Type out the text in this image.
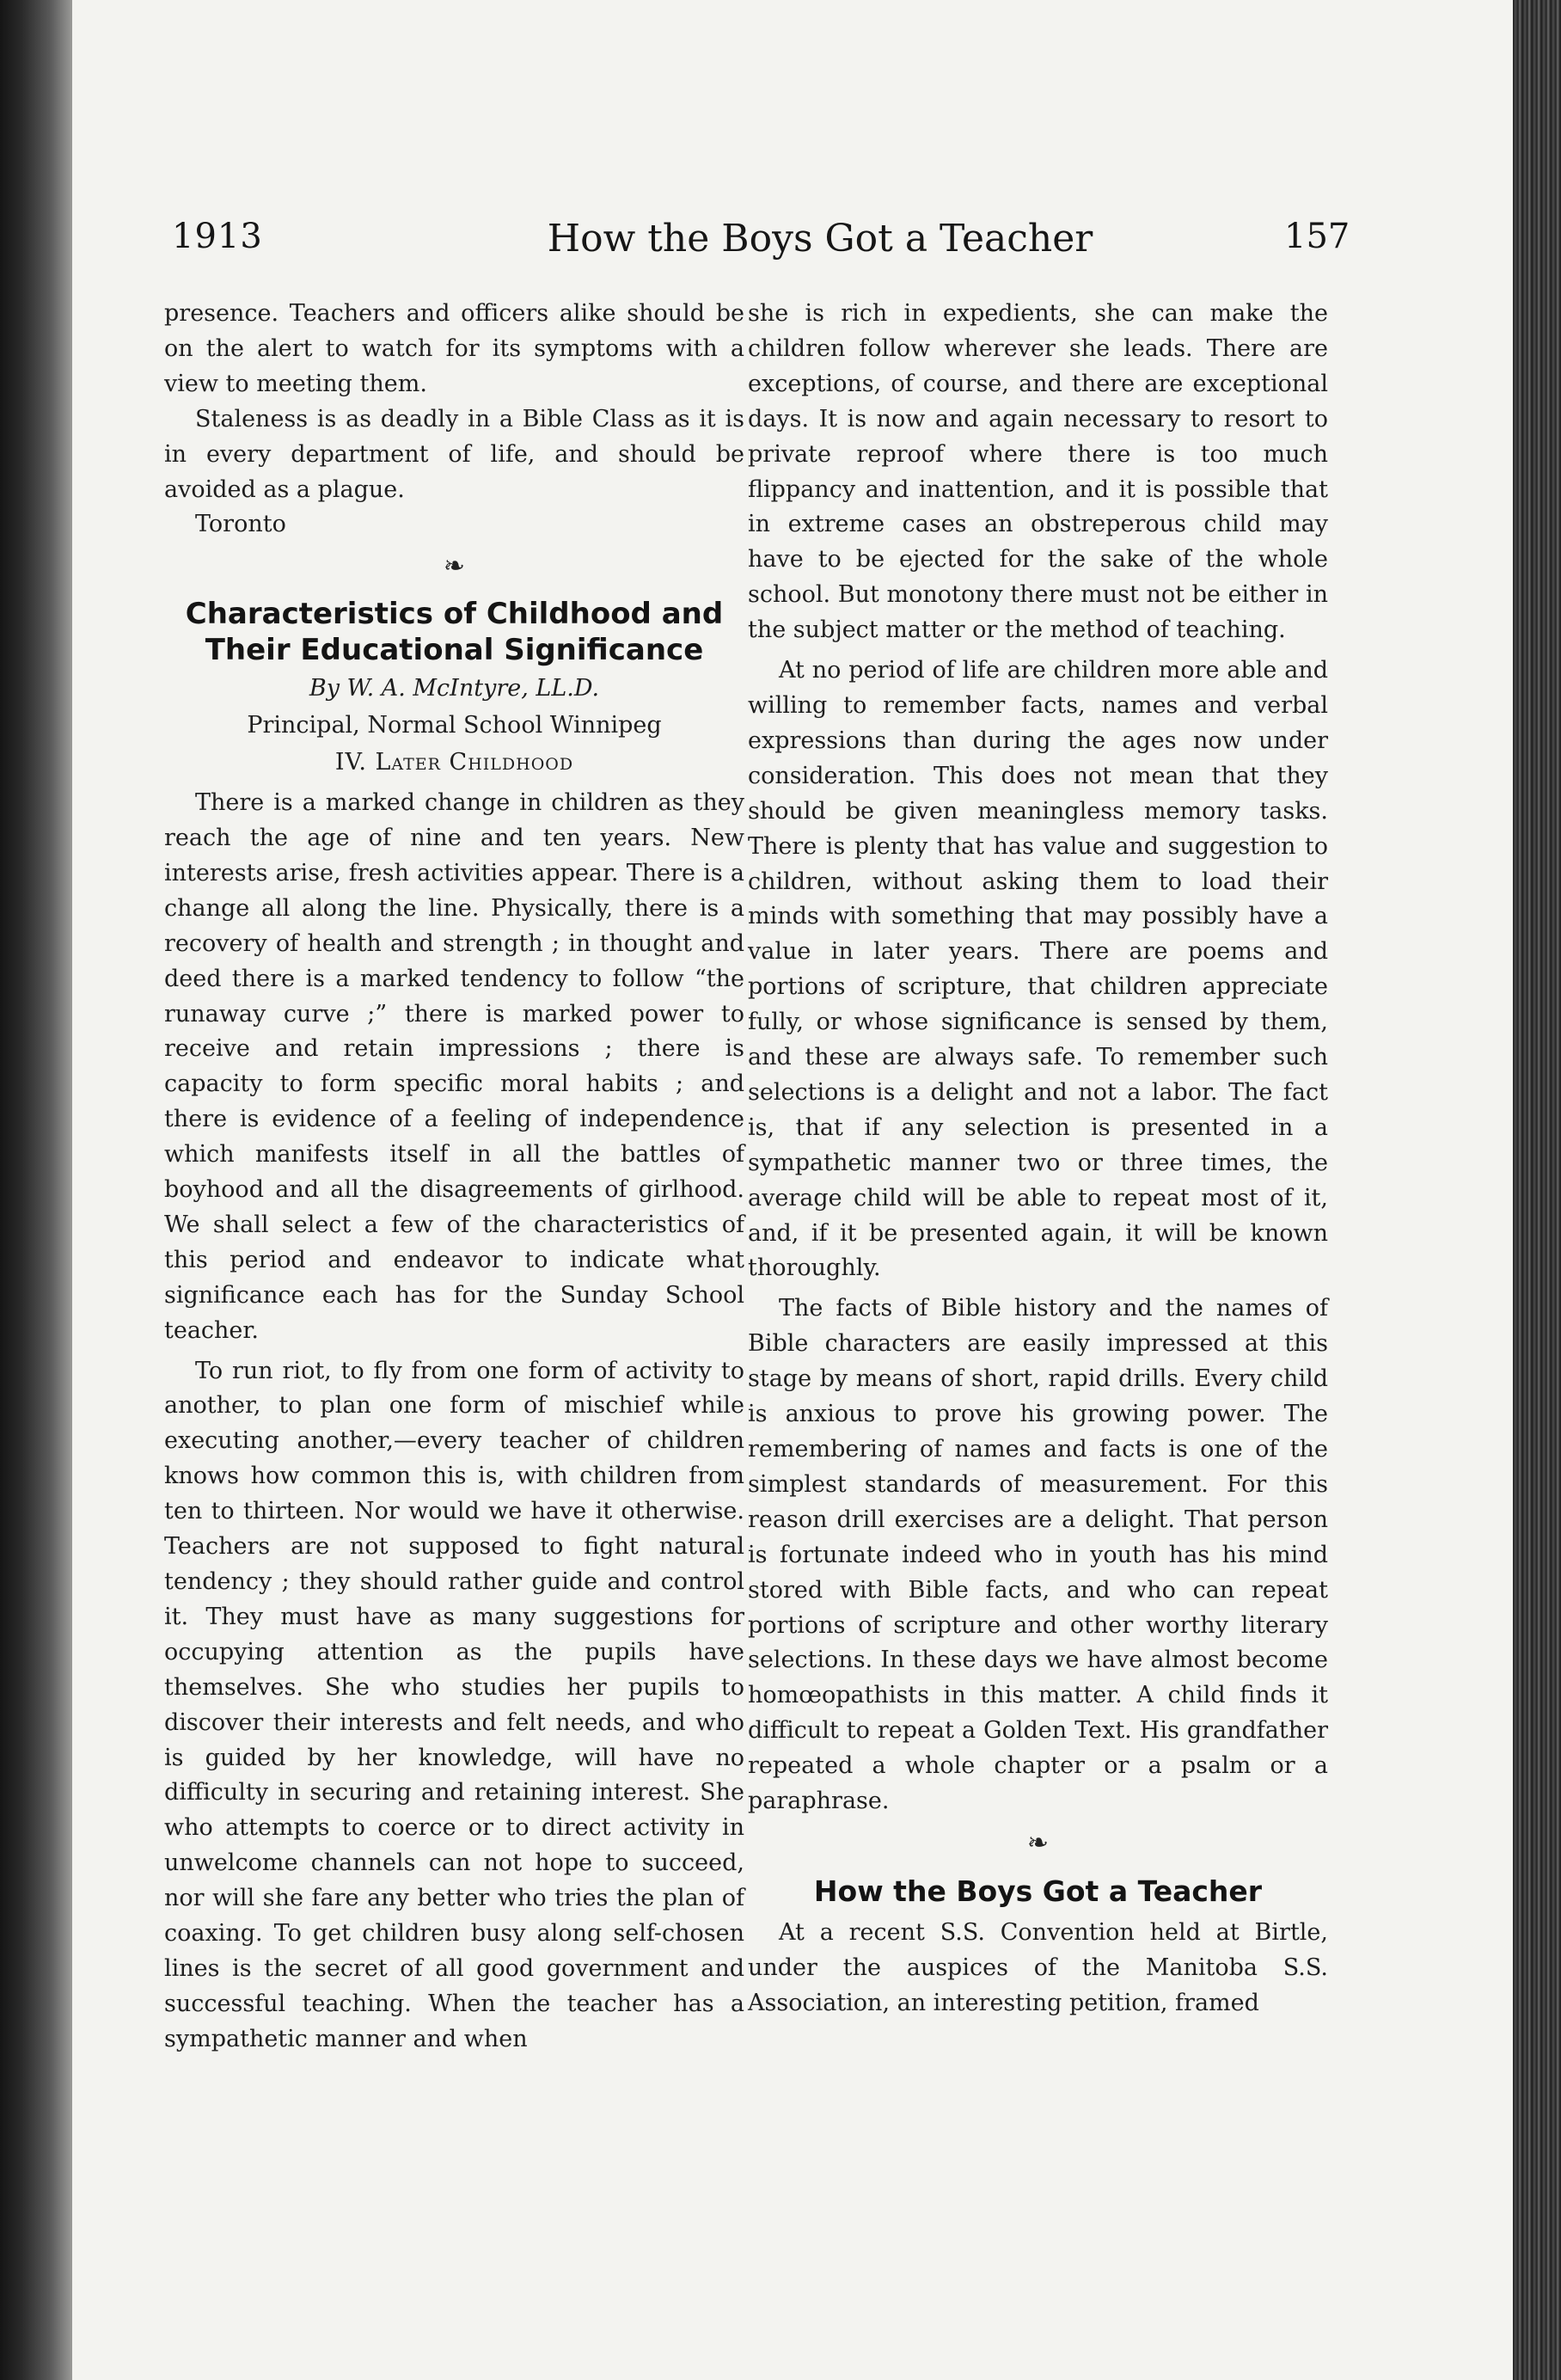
1913	How the Boys Got a Teacher	157

presence. Teachers and officers alike should be on the alert to watch for its symptoms with a view to meeting them.

Staleness is as deadly in a Bible Class as it is in every department of life, and should be avoided as a plague.

Toronto

❧
Characteristics of Childhood and Their Educational Significance
By W. A. McIntyre, LL.D.
Principal, Normal School Winnipeg
IV. Later Childhood

There is a marked change in children as they reach the age of nine and ten years. New interests arise, fresh activities appear. There is a change all along the line. Physically, there is a recovery of health and strength ; in thought and deed there is a marked tendency to follow “the runaway curve ;” there is marked power to receive and retain impressions ; there is capacity to form specific moral habits ; and there is evidence of a feeling of independence which manifests itself in all the battles of boyhood and all the disagreements of girlhood. We shall select a few of the characteristics of this period and endeavor to indicate what significance each has for the Sunday School teacher.

To run riot, to fly from one form of activity to another, to plan one form of mischief while executing another,—every teacher of children knows how common this is, with children from ten to thirteen. Nor would we have it otherwise. Teachers are not supposed to fight natural tendency ; they should rather guide and control it. They must have as many suggestions for occupying attention as the pupils have themselves. She who studies her pupils to discover their interests and felt needs, and who is guided by her knowledge, will have no difficulty in securing and retaining interest. She who attempts to coerce or to direct activity in unwelcome channels can not hope to succeed, nor will she fare any better who tries the plan of coaxing. To get children busy along self-chosen lines is the secret of all good government and successful teaching. When the teacher has a sympathetic manner and when

she is rich in expedients, she can make the children follow wherever she leads. There are exceptions, of course, and there are exceptional days. It is now and again necessary to resort to private reproof where there is too much flippancy and inattention, and it is possible that in extreme cases an obstreperous child may have to be ejected for the sake of the whole school. But monotony there must not be either in the subject matter or the method of teaching.

At no period of life are children more able and willing to remember facts, names and verbal expressions than during the ages now under consideration. This does not mean that they should be given meaningless memory tasks. There is plenty that has value and suggestion to children, without asking them to load their minds with something that may possibly have a value in later years. There are poems and portions of scripture, that children appreciate fully, or whose significance is sensed by them, and these are always safe. To remember such selections is a delight and not a labor. The fact is, that if any selection is presented in a sympathetic manner two or three times, the average child will be able to repeat most of it, and, if it be presented again, it will be known thoroughly.

The facts of Bible history and the names of Bible characters are easily impressed at this stage by means of short, rapid drills. Every child is anxious to prove his growing power. The remembering of names and facts is one of the simplest standards of measurement. For this reason drill exercises are a delight. That person is fortunate indeed who in youth has his mind stored with Bible facts, and who can repeat portions of scripture and other worthy literary selections. In these days we have almost become homœopathists in this matter. A child finds it difficult to repeat a Golden Text. His grandfather repeated a whole chapter or a psalm or a paraphrase.

❧
How the Boys Got a Teacher

At a recent S.S. Convention held at Birtle, under the auspices of the Manitoba S.S. Association, an interesting petition, framed
